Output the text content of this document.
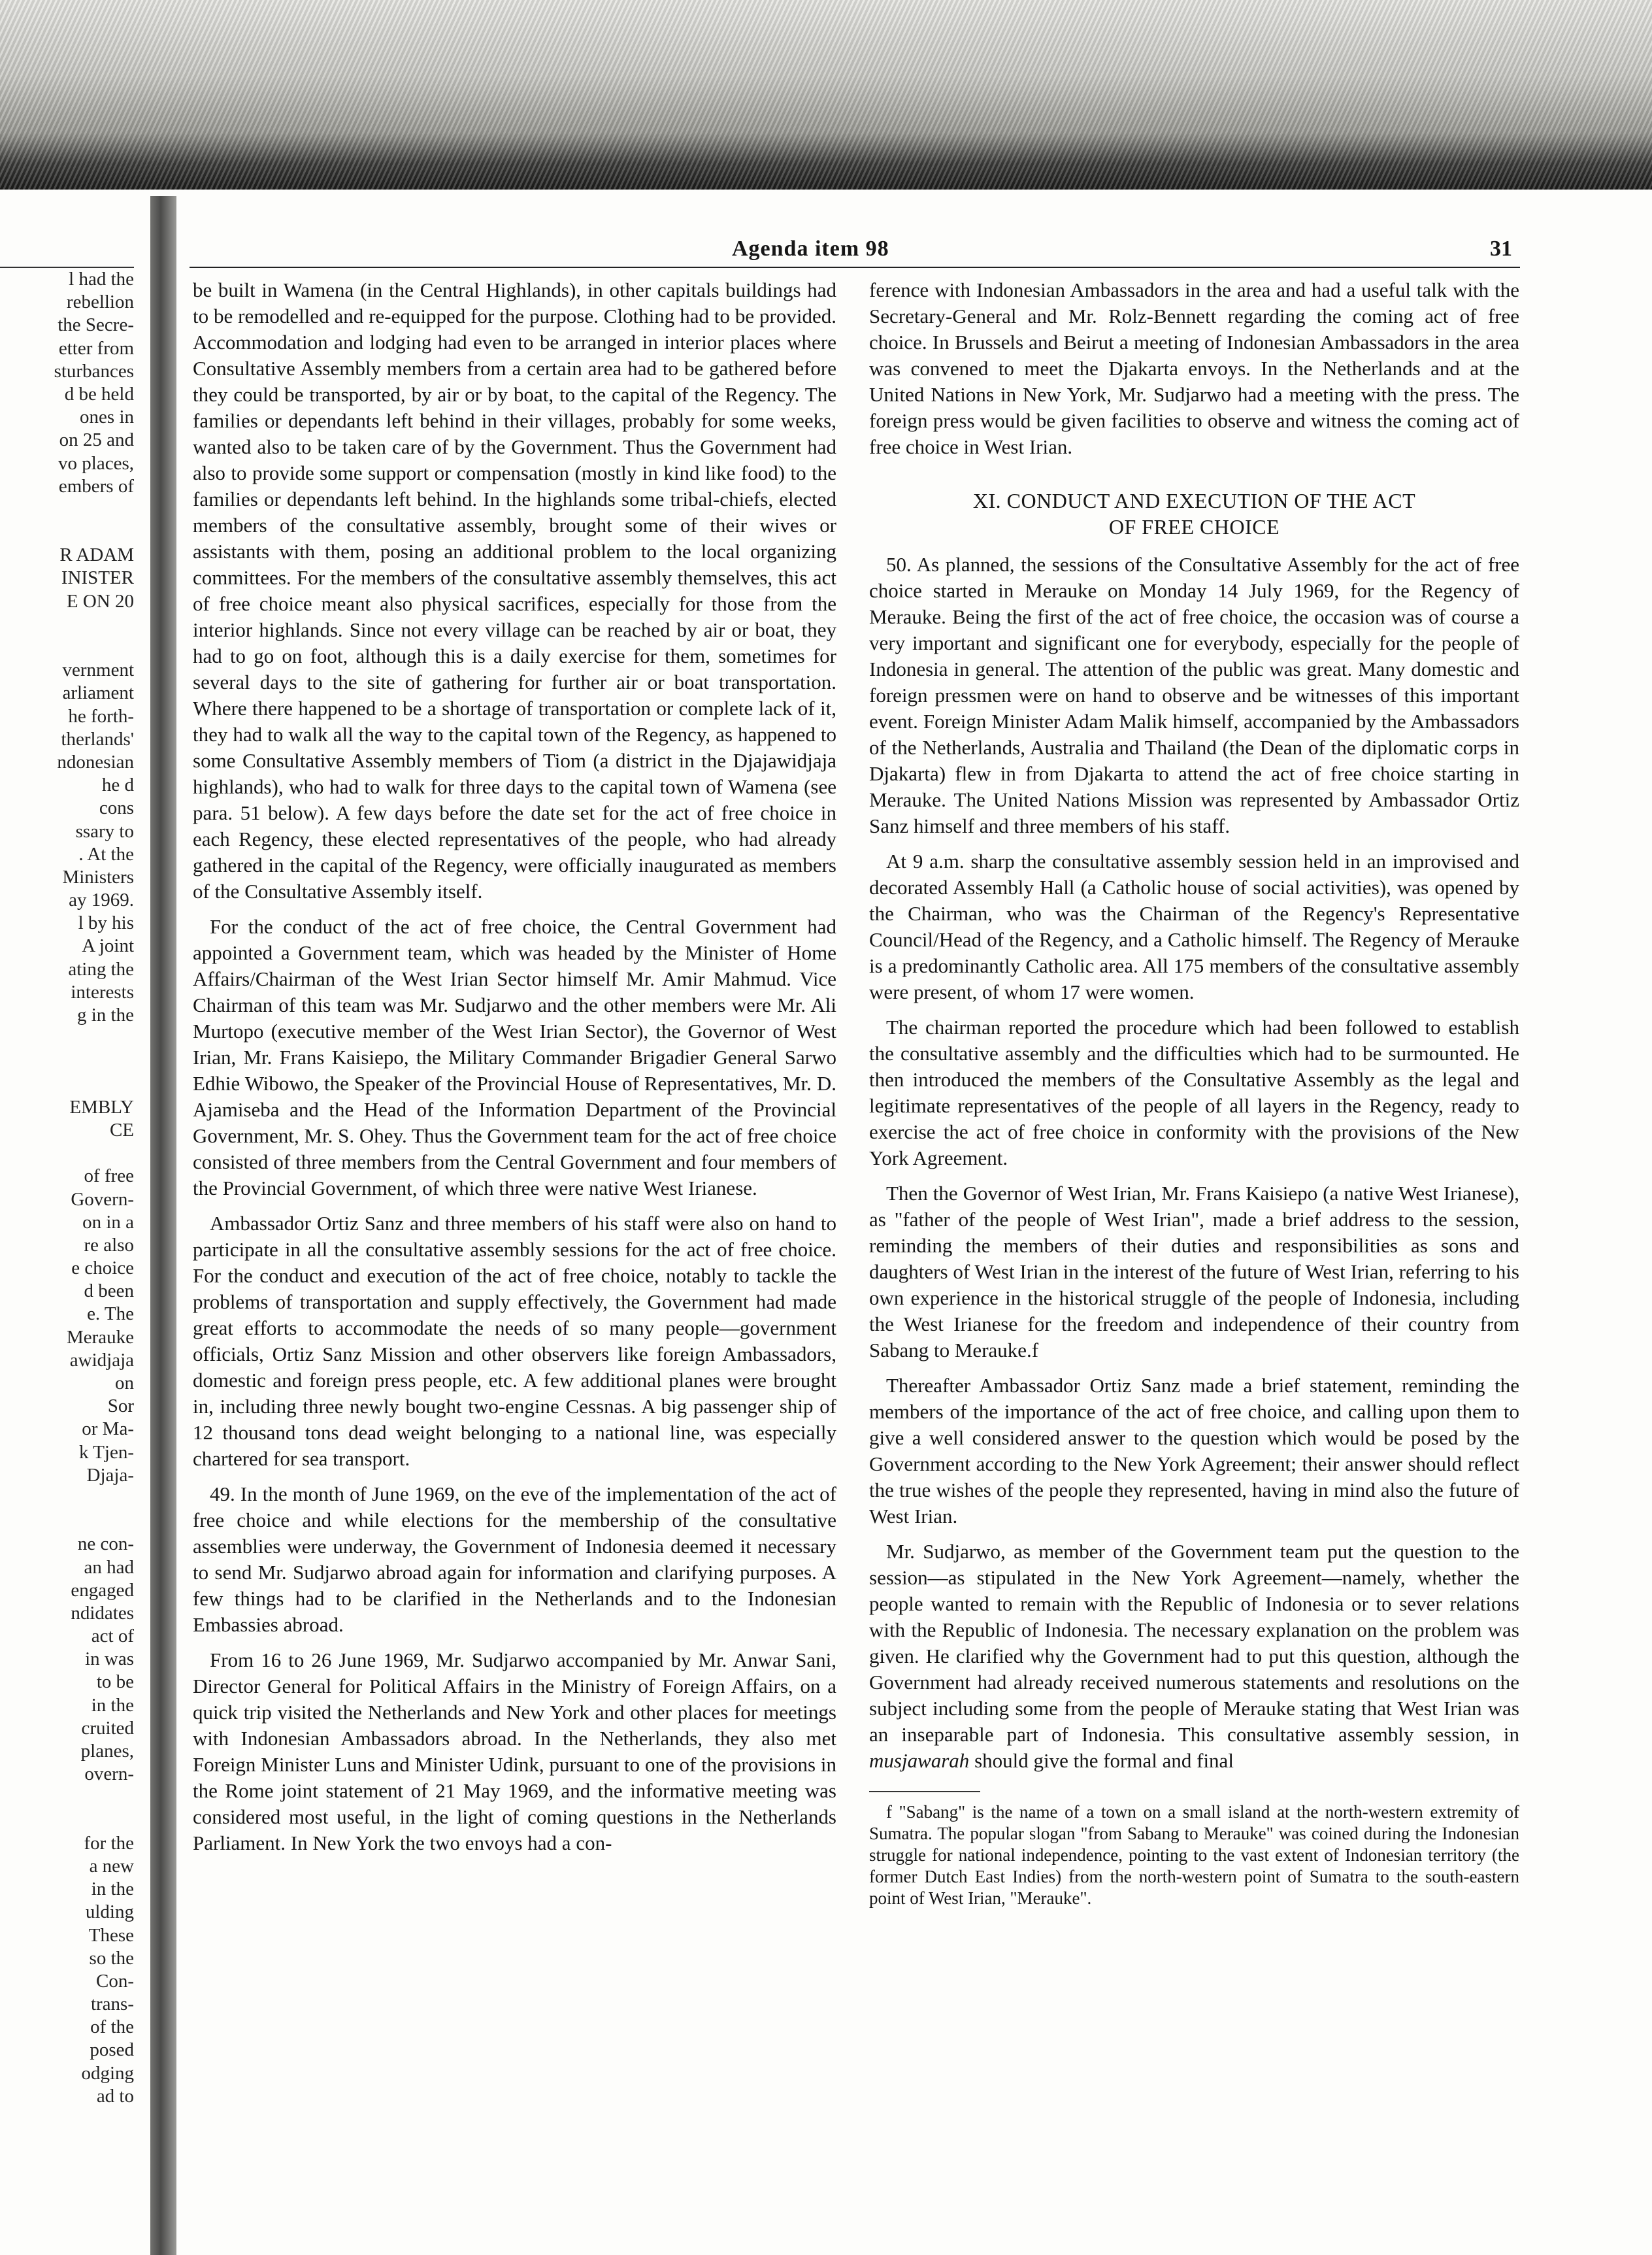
l had the
rebellion
the Secre-
etter from
sturbances
d be held
ones in
on 25 and
vo places,
embers of
R ADAM
INISTER
E ON 20
vernment
arliament
he forth-
therlands'
ndonesian
he d
cons
ssary to
. At the
Ministers
ay 1969.
l by his
A joint
ating the
interests
g in the
EMBLY
CE
of free
Govern-
on in a
re also
e choice
d been
e. The
Merauke
awidjaja
on
Sor
or Ma-
k Tjen-
Djaja-
ne con-
an had
engaged
ndidates
act of
in was
to be
in the
cruited
planes,
overn-
for the
a new
in the
ulding
These
so the
Con-
trans-
of the
posed
odging
ad to
Agenda item 98	31

be built in Wamena (in the Central Highlands), in other capitals buildings had to be remodelled and re-equipped for the purpose. Clothing had to be provided. Accommodation and lodging had even to be arranged in interior places where Consultative Assembly members from a certain area had to be gathered before they could be transported, by air or by boat, to the capital of the Regency. The families or dependants left behind in their villages, probably for some weeks, wanted also to be taken care of by the Government. Thus the Government had also to provide some support or compensation (mostly in kind like food) to the families or dependants left behind. In the highlands some tribal-chiefs, elected members of the consultative assembly, brought some of their wives or assistants with them, posing an additional problem to the local organizing committees. For the members of the consultative assembly themselves, this act of free choice meant also physical sacrifices, especially for those from the interior highlands. Since not every village can be reached by air or boat, they had to go on foot, although this is a daily exercise for them, sometimes for several days to the site of gathering for further air or boat transportation. Where there happened to be a shortage of transportation or complete lack of it, they had to walk all the way to the capital town of the Regency, as happened to some Consultative Assembly members of Tiom (a district in the Djajawidjaja highlands), who had to walk for three days to the capital town of Wamena (see para. 51 below). A few days before the date set for the act of free choice in each Regency, these elected representatives of the people, who had already gathered in the capital of the Regency, were officially inaugurated as members of the Consultative Assembly itself.

For the conduct of the act of free choice, the Central Government had appointed a Government team, which was headed by the Minister of Home Affairs/Chairman of the West Irian Sector himself Mr. Amir Mahmud. Vice Chairman of this team was Mr. Sudjarwo and the other members were Mr. Ali Murtopo (executive member of the West Irian Sector), the Governor of West Irian, Mr. Frans Kaisiepo, the Military Commander Brigadier General Sarwo Edhie Wibowo, the Speaker of the Provincial House of Representatives, Mr. D. Ajamiseba and the Head of the Information Department of the Provincial Government, Mr. S. Ohey. Thus the Government team for the act of free choice consisted of three members from the Central Government and four members of the Provincial Government, of which three were native West Irianese.

Ambassador Ortiz Sanz and three members of his staff were also on hand to participate in all the consultative assembly sessions for the act of free choice. For the conduct and execution of the act of free choice, notably to tackle the problems of transportation and supply effectively, the Government had made great efforts to accommodate the needs of so many people—government officials, Ortiz Sanz Mission and other observers like foreign Ambassadors, domestic and foreign press people, etc. A few additional planes were brought in, including three newly bought two-engine Cessnas. A big passenger ship of 12 thousand tons dead weight belonging to a national line, was especially chartered for sea transport.

49. In the month of June 1969, on the eve of the implementation of the act of free choice and while elections for the membership of the consultative assemblies were underway, the Government of Indonesia deemed it necessary to send Mr. Sudjarwo abroad again for information and clarifying purposes. A few things had to be clarified in the Netherlands and to the Indonesian Embassies abroad.

From 16 to 26 June 1969, Mr. Sudjarwo accompanied by Mr. Anwar Sani, Director General for Political Affairs in the Ministry of Foreign Affairs, on a quick trip visited the Netherlands and New York and other places for meetings with Indonesian Ambassadors abroad. In the Netherlands, they also met Foreign Minister Luns and Minister Udink, pursuant to one of the provisions in the Rome joint statement of 21 May 1969, and the informative meeting was considered most useful, in the light of coming questions in the Netherlands Parliament. In New York the two envoys had a con-

ference with Indonesian Ambassadors in the area and had a useful talk with the Secretary-General and Mr. Rolz-Bennett regarding the coming act of free choice. In Brussels and Beirut a meeting of Indonesian Ambassadors in the area was convened to meet the Djakarta envoys. In the Netherlands and at the United Nations in New York, Mr. Sudjarwo had a meeting with the press. The foreign press would be given facilities to observe and witness the coming act of free choice in West Irian.

XI. CONDUCT AND EXECUTION OF THE ACT
OF FREE CHOICE

50. As planned, the sessions of the Consultative Assembly for the act of free choice started in Merauke on Monday 14 July 1969, for the Regency of Merauke. Being the first of the act of free choice, the occasion was of course a very important and significant one for everybody, especially for the people of Indonesia in general. The attention of the public was great. Many domestic and foreign pressmen were on hand to observe and be witnesses of this important event. Foreign Minister Adam Malik himself, accompanied by the Ambassadors of the Netherlands, Australia and Thailand (the Dean of the diplomatic corps in Djakarta) flew in from Djakarta to attend the act of free choice starting in Merauke. The United Nations Mission was represented by Ambassador Ortiz Sanz himself and three members of his staff.

At 9 a.m. sharp the consultative assembly session held in an improvised and decorated Assembly Hall (a Catholic house of social activities), was opened by the Chairman, who was the Chairman of the Regency's Representative Council/Head of the Regency, and a Catholic himself. The Regency of Merauke is a predominantly Catholic area. All 175 members of the consultative assembly were present, of whom 17 were women.

The chairman reported the procedure which had been followed to establish the consultative assembly and the difficulties which had to be surmounted. He then introduced the members of the Consultative Assembly as the legal and legitimate representatives of the people of all layers in the Regency, ready to exercise the act of free choice in conformity with the provisions of the New York Agreement.

Then the Governor of West Irian, Mr. Frans Kaisiepo (a native West Irianese), as "father of the people of West Irian", made a brief address to the session, reminding the members of their duties and responsibilities as sons and daughters of West Irian in the interest of the future of West Irian, referring to his own experience in the historical struggle of the people of Indonesia, including the West Irianese for the freedom and independence of their country from Sabang to Merauke.f

Thereafter Ambassador Ortiz Sanz made a brief statement, reminding the members of the importance of the act of free choice, and calling upon them to give a well considered answer to the question which would be posed by the Government according to the New York Agreement; their answer should reflect the true wishes of the people they represented, having in mind also the future of West Irian.

Mr. Sudjarwo, as member of the Government team put the question to the session—as stipulated in the New York Agreement—namely, whether the people wanted to remain with the Republic of Indonesia or to sever relations with the Republic of Indonesia. The necessary explanation on the problem was given. He clarified why the Government had to put this question, although the Government had already received numerous statements and resolutions on the subject including some from the people of Merauke stating that West Irian was an inseparable part of Indonesia. This consultative assembly session, in musjawarah should give the formal and final

f "Sabang" is the name of a town on a small island at the north-western extremity of Sumatra. The popular slogan "from Sabang to Merauke" was coined during the Indonesian struggle for national independence, pointing to the vast extent of Indonesian territory (the former Dutch East Indies) from the north-western point of Sumatra to the south-eastern point of West Irian, "Merauke".
